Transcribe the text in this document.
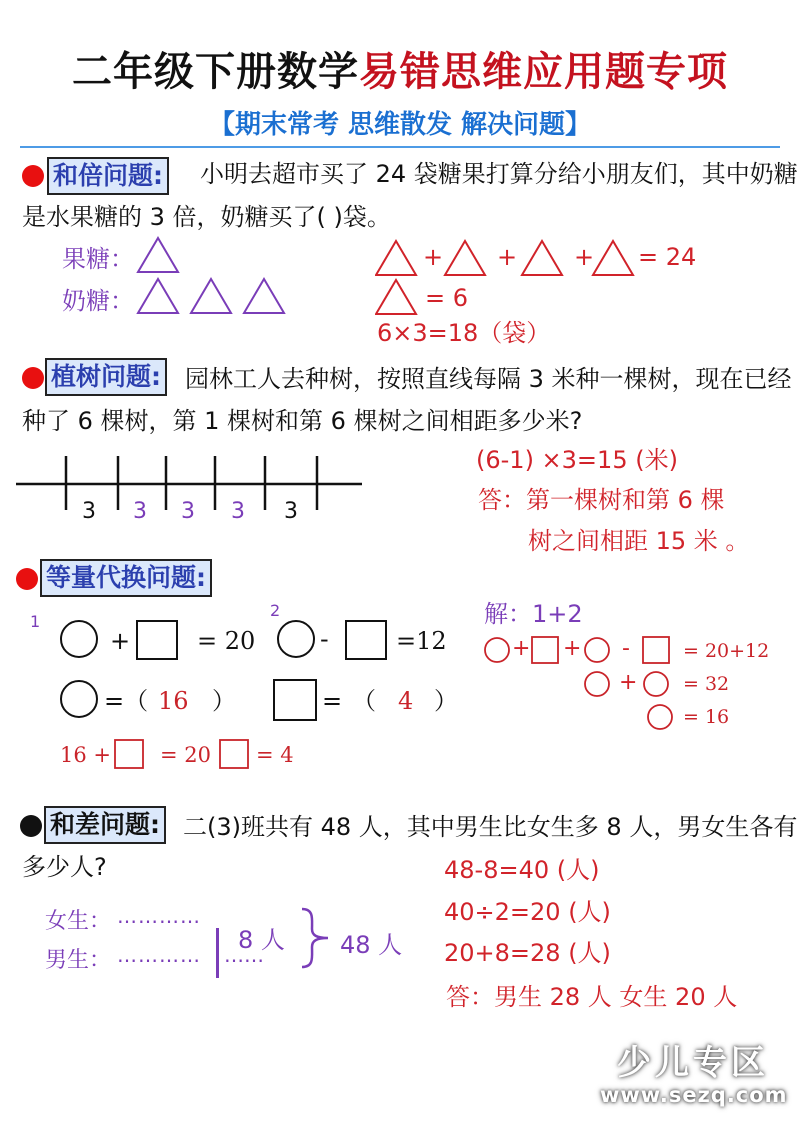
二年级下册数学易错思维应用题专项
【期末常考 思维散发 解决问题】
和倍问题: 小明去超市买了 24 袋糖果打算分给小朋友们，其中奶糖
是水果糖的 3 倍，奶糖买了( )袋。
果糖：
奶糖：
+ + + = 24
= 6
6×3=18（袋）
植树问题: 园林工人去种树，按照直线每隔 3 米种一棵树，现在已经
种了 6 棵树，第 1 棵树和第 6 棵树之间相距多少米?
3 3 3 3 3
(6-1) ×3=15 (米)
答：第一棵树和第 6 棵
树之间相距 15 米 。
等量代换问题:
1
2
+	= 20	-	=12
=（ 16 ）	= （ 4 ）
16 + = 20 = 4
解：1+2
+ + -	= 20+12
+ = 32
= 16
和差问题: 二(3)班共有 48 人，其中男生比女生多 8 人，男女生各有
多少人?
女生： …………
男生： ………… ……
8 人 48 人
48-8=40 (人)
40÷2=20 (人)
20+8=28 (人)
答：男生 28 人 女生 20 人
少儿专区
www.sezq.com
